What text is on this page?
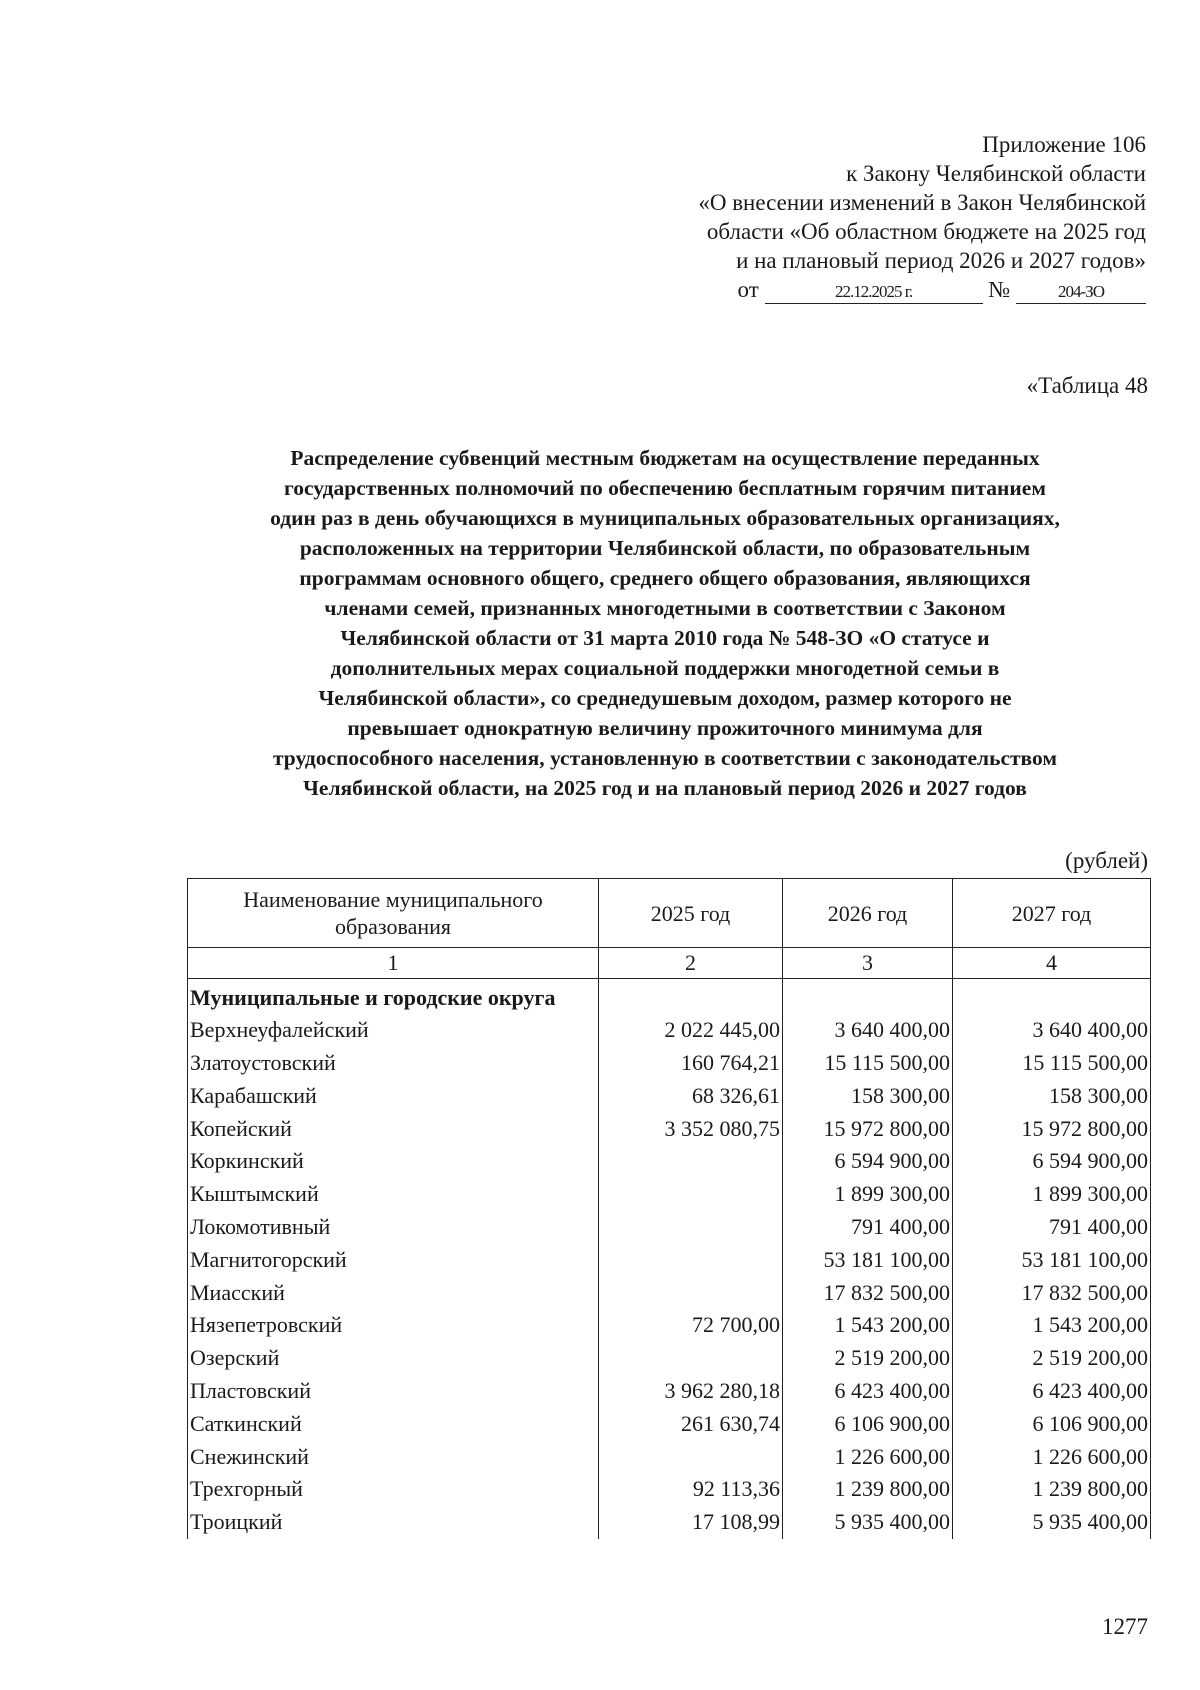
Приложение 106
к Закону Челябинской области
«О внесении изменений в Закон Челябинской
области «Об областном бюджете на 2025 год
и на плановый период 2026 и 2027 годов»
от	22.12.2025 г.	№	204-ЗО
«Таблица 48
Распределение субвенций местным бюджетам на осуществление переданных
государственных полномочий по обеспечению бесплатным горячим питанием
один раз в день обучающихся в муниципальных образовательных организациях,
расположенных на территории Челябинской области, по образовательным
программам основного общего, среднего общего образования, являющихся
членами семей, признанных многодетными в соответствии с Законом
Челябинской области от 31 марта 2010 года № 548-ЗО «О статусе и
дополнительных мерах социальной поддержки многодетной семьи в
Челябинской области», со среднедушевым доходом, размер которого не
превышает однократную величину прожиточного минимума для
трудоспособного населения, установленную в соответствии с законодательством
Челябинской области, на 2025 год и на плановый период 2026 и 2027 годов
(рублей)
Наименование муниципального образования	2025 год	2026 год	2027 год
1	2	3	4
Муниципальные и городские округа			
Верхнеуфалейский	2 022 445,00	3 640 400,00	3 640 400,00
Златоустовский	160 764,21	15 115 500,00	15 115 500,00
Карабашский	68 326,61	158 300,00	158 300,00
Копейский	3 352 080,75	15 972 800,00	15 972 800,00
Коркинский		6 594 900,00	6 594 900,00
Кыштымский		1 899 300,00	1 899 300,00
Локомотивный		791 400,00	791 400,00
Магнитогорский		53 181 100,00	53 181 100,00
Миасский		17 832 500,00	17 832 500,00
Нязепетровский	72 700,00	1 543 200,00	1 543 200,00
Озерский		2 519 200,00	2 519 200,00
Пластовский	3 962 280,18	6 423 400,00	6 423 400,00
Саткинский	261 630,74	6 106 900,00	6 106 900,00
Снежинский		1 226 600,00	1 226 600,00
Трехгорный	92 113,36	1 239 800,00	1 239 800,00
Троицкий	17 108,99	5 935 400,00	5 935 400,00
1277
